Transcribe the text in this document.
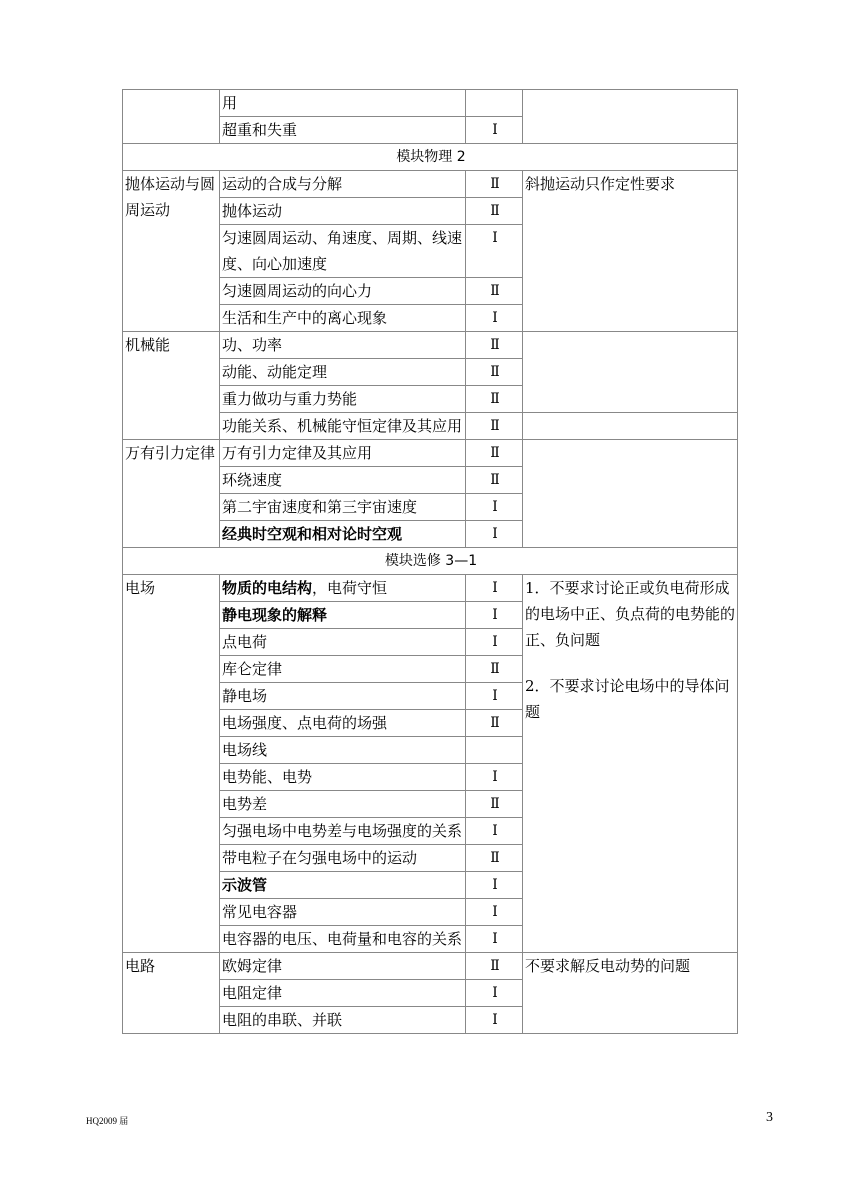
	用		
	超重和失重	Ⅰ	
模块物理 2			
抛体运动与圆周运动	运动的合成与分解	Ⅱ	斜抛运动只作定性要求
	抛体运动	Ⅱ	
	匀速圆周运动、角速度、周期、线速度、向心加速度	Ⅰ	
	匀速圆周运动的向心力	Ⅱ	
	生活和生产中的离心现象	Ⅰ	
机械能	功、功率	Ⅱ	
	动能、动能定理	Ⅱ	
	重力做功与重力势能	Ⅱ	
	功能关系、机械能守恒定律及其应用	Ⅱ	
万有引力定律	万有引力定律及其应用	Ⅱ	
	环绕速度	Ⅱ	
	第二宇宙速度和第三宇宙速度	Ⅰ	
	经典时空观和相对论时空观	Ⅰ	
模块选修 3—1			
电场	物质的电结构，电荷守恒	Ⅰ	1．不要求讨论正或负电荷形成的电场中正、负点荷的电势能的正、负问题
2．不要求讨论电场中的导体问题

	静电现象的解释	Ⅰ	
	点电荷	Ⅰ	
	库仑定律	Ⅱ	
	静电场	Ⅰ	
	电场强度、点电荷的场强	Ⅱ	
	电场线		
	电势能、电势	Ⅰ	
	电势差	Ⅱ	
	匀强电场中电势差与电场强度的关系	Ⅰ	
	带电粒子在匀强电场中的运动	Ⅱ	
	示波管	Ⅰ	
	常见电容器	Ⅰ	
	电容器的电压、电荷量和电容的关系	Ⅰ	
电路	欧姆定律	Ⅱ	不要求解反电动势的问题
	电阻定律	Ⅰ	
	电阻的串联、并联	Ⅰ	
HQ2009 届	3
